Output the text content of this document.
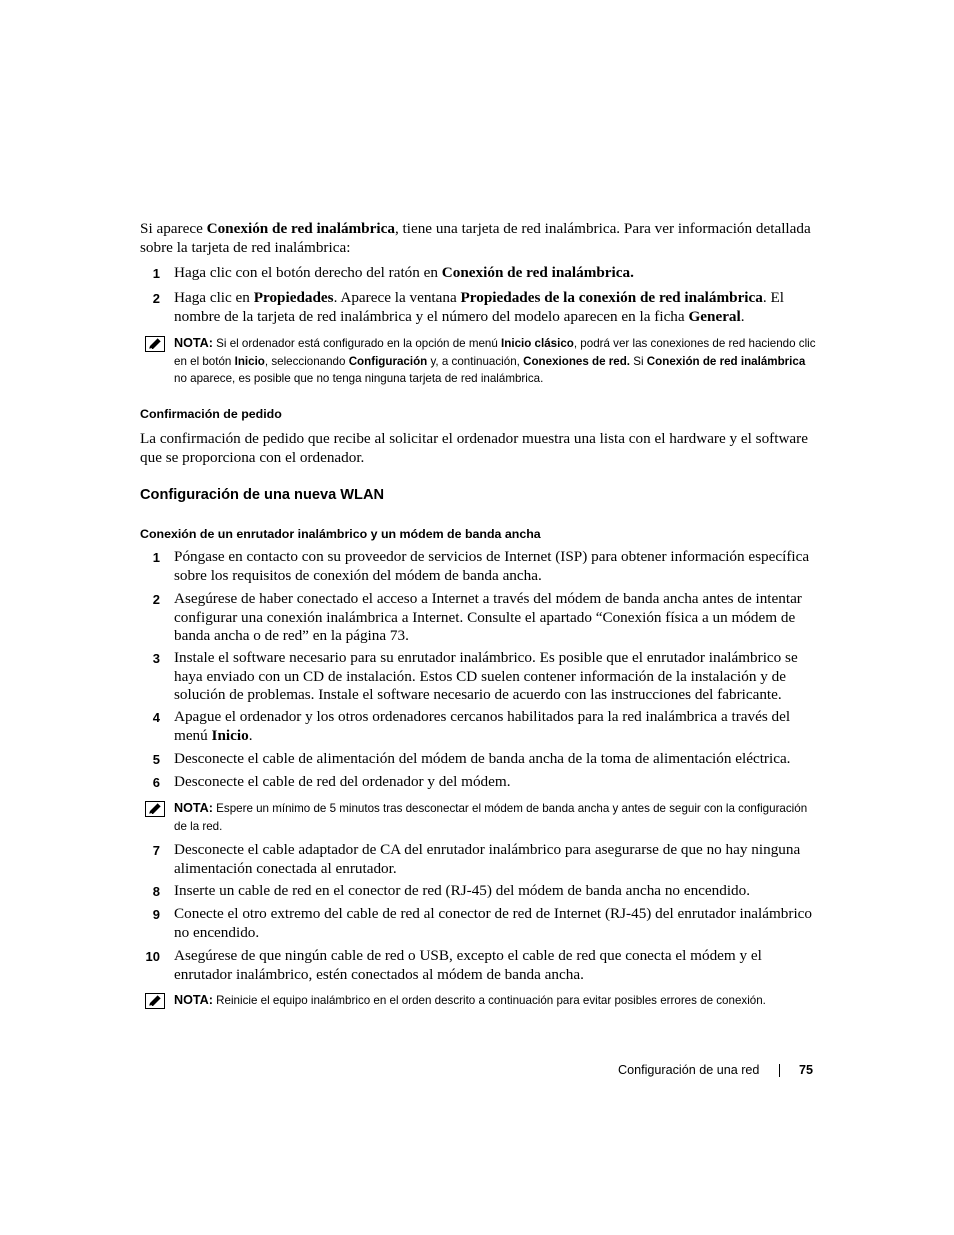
Si aparece Conexión de red inalámbrica, tiene una tarjeta de red inalámbrica. Para ver información detallada sobre la tarjeta de red inalámbrica:
1 Haga clic con el botón derecho del ratón en Conexión de red inalámbrica.
2 Haga clic en Propiedades. Aparece la ventana Propiedades de la conexión de red inalámbrica. El nombre de la tarjeta de red inalámbrica y el número del modelo aparecen en la ficha General.
NOTA: Si el ordenador está configurado en la opción de menú Inicio clásico, podrá ver las conexiones de red haciendo clic en el botón Inicio, seleccionando Configuración y, a continuación, Conexiones de red. Si Conexión de red inalámbrica no aparece, es posible que no tenga ninguna tarjeta de red inalámbrica.
Confirmación de pedido
La confirmación de pedido que recibe al solicitar el ordenador muestra una lista con el hardware y el software que se proporciona con el ordenador.
Configuración de una nueva WLAN
Conexión de un enrutador inalámbrico y un módem de banda ancha
1 Póngase en contacto con su proveedor de servicios de Internet (ISP) para obtener información específica sobre los requisitos de conexión del módem de banda ancha.
2 Asegúrese de haber conectado el acceso a Internet a través del módem de banda ancha antes de intentar configurar una conexión inalámbrica a Internet. Consulte el apartado “Conexión física a un módem de banda ancha o de red” en la página 73.
3 Instale el software necesario para su enrutador inalámbrico. Es posible que el enrutador inalámbrico se haya enviado con un CD de instalación. Estos CD suelen contener información de la instalación y de solución de problemas. Instale el software necesario de acuerdo con las instrucciones del fabricante.
4 Apague el ordenador y los otros ordenadores cercanos habilitados para la red inalámbrica a través del menú Inicio.
5 Desconecte el cable de alimentación del módem de banda ancha de la toma de alimentación eléctrica.
6 Desconecte el cable de red del ordenador y del módem.
NOTA: Espere un mínimo de 5 minutos tras desconectar el módem de banda ancha y antes de seguir con la configuración de la red.
7 Desconecte el cable adaptador de CA del enrutador inalámbrico para asegurarse de que no hay ninguna alimentación conectada al enrutador.
8 Inserte un cable de red en el conector de red (RJ-45) del módem de banda ancha no encendido.
9 Conecte el otro extremo del cable de red al conector de red de Internet (RJ-45) del enrutador inalámbrico no encendido.
10 Asegúrese de que ningún cable de red o USB, excepto el cable de red que conecta el módem y el enrutador inalámbrico, estén conectados al módem de banda ancha.
NOTA: Reinicie el equipo inalámbrico en el orden descrito a continuación para evitar posibles errores de conexión.
Configuración de una red	75
